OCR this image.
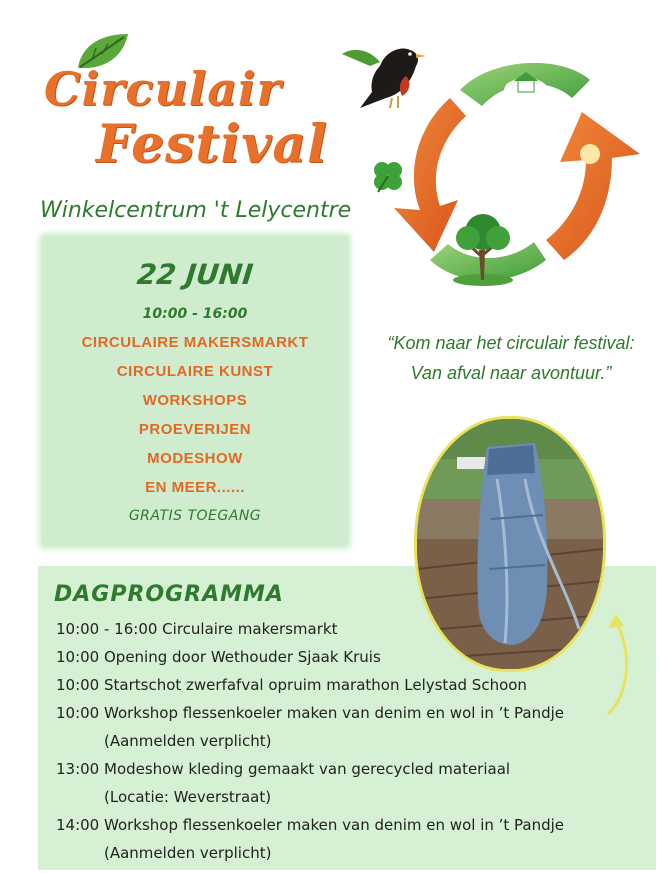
Circulair
Festival

Winkelcentrum 't Lelycentre

22 JUNI
10:00 - 16:00
CIRCULAIRE MAKERSMARKT
CIRCULAIRE KUNST
WORKSHOPS
PROEVERIJEN
MODESHOW
EN MEER......
GRATIS TOEGANG

“Kom naar het circulair festival:
Van afval naar avontuur.”

DAGPROGRAMMA
10:00 - 16:00 Circulaire makersmarkt
10:00 Opening door Wethouder Sjaak Kruis
10:00 Startschot zwerfafval opruim marathon Lelystad Schoon
10:00 Workshop flessenkoeler maken van denim en wol in ’t Pandje
(Aanmelden verplicht)
13:00 Modeshow kleding gemaakt van gerecycled materiaal
(Locatie: Weverstraat)
14:00 Workshop flessenkoeler maken van denim en wol in ’t Pandje
(Aanmelden verplicht)
